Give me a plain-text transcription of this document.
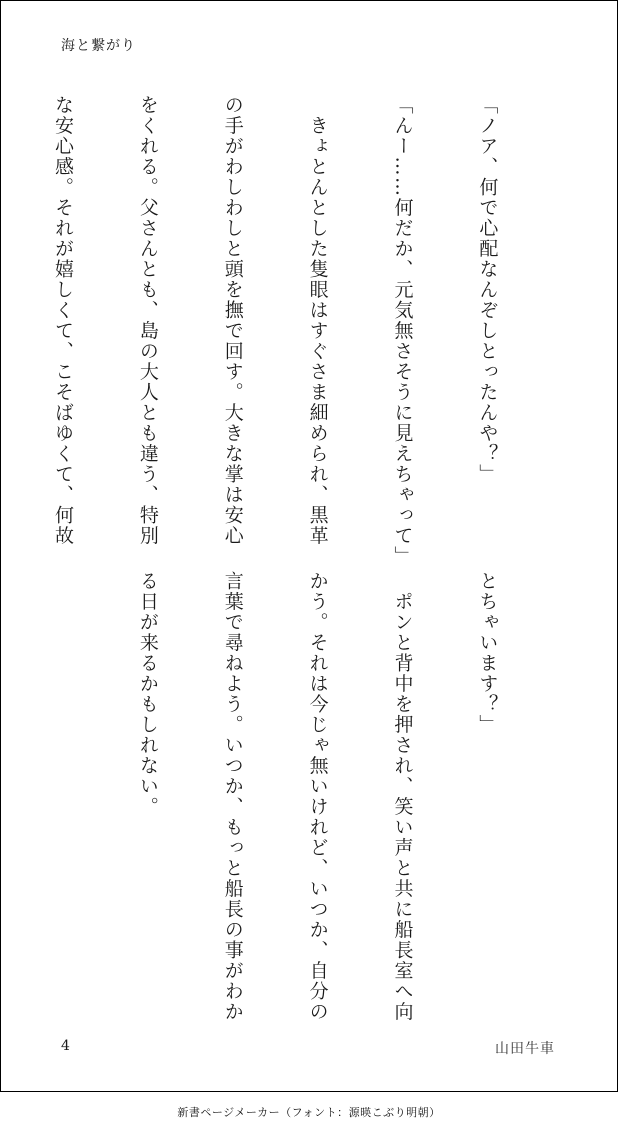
海と繋がり

「ノア、何で心配なんぞしとったんや？」

「んー……何だか、元気無さそうに見えちゃって」

　きょとんとした隻眼はすぐさま細められ、黒革

の手がわしわしと頭を撫で回す。大きな掌は安心

をくれる。父さんとも、島の大人とも違う、特別

な安心感。それが嬉しくて、こそばゆくて、何故

とちゃいます？」

　ポンと背中を押され、笑い声と共に船長室へ向

かう。それは今じゃ無いけれど、いつか、自分の

言葉で尋ねよう。いつか、もっと船長の事がわか

る日が来るかもしれない。

4	山田牛車
新書ページメーカー（フォント：源暎こぶり明朝）
